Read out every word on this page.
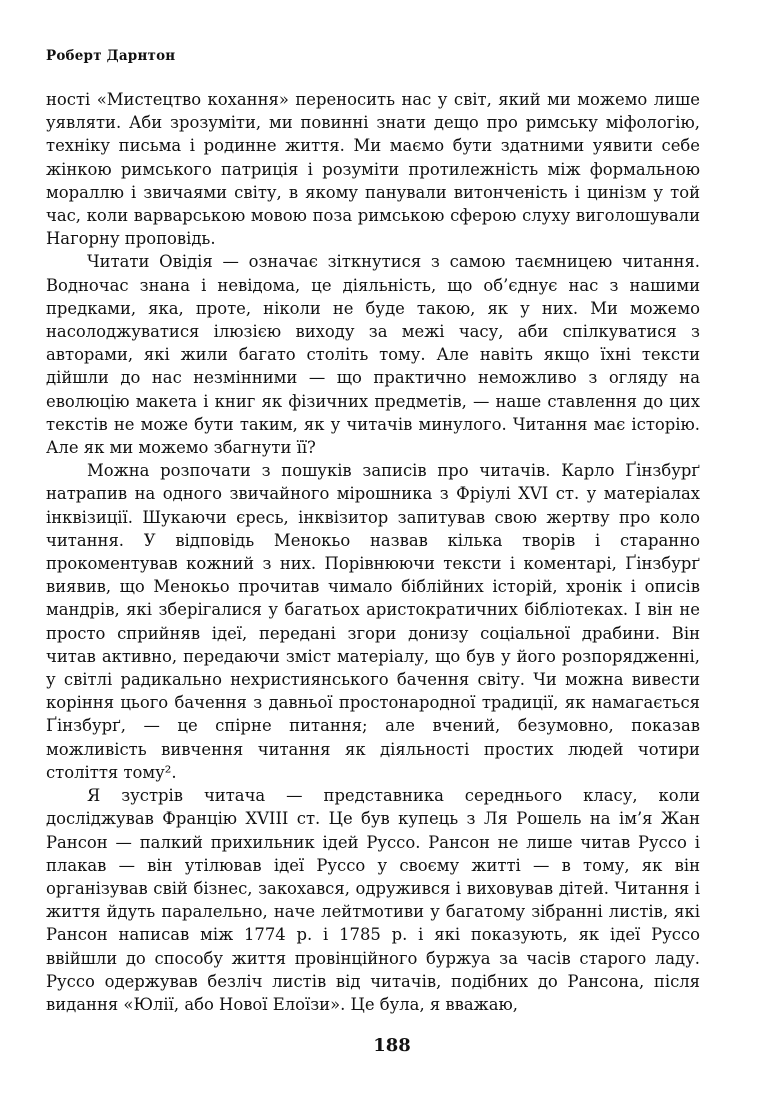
Роберт Дарнтон

ності «Мистецтво кохання» переносить нас у світ, який ми можемо лише уявляти. Аби зрозуміти, ми повинні знати дещо про римську міфологію, техніку письма і родинне життя. Ми маємо бути здатними уявити себе жінкою римського патриція і розуміти протилежність між формальною мораллю і звичаями світу, в якому панували витонченість і цинізм у той час, коли варварською мовою поза римською сферою слуху виголошували Нагорну проповідь.

Читати Овідія — означає зіткнутися з самою таємницею читання. Водночас знана і невідома, це діяльність, що об’єднує нас з нашими предками, яка, проте, ніколи не буде такою, як у них. Ми можемо насолоджуватися ілюзією виходу за межі часу, аби спілкуватися з авторами, які жили багато століть тому. Але навіть якщо їхні тексти дійшли до нас незмінними — що практично неможливо з огляду на еволюцію макета і книг як фізичних предметів, — наше ставлення до цих текстів не може бути таким, як у читачів минулого. Читання має історію. Але як ми можемо збагнути її?

Можна розпочати з пошуків записів про читачів. Карло Ґінзбурґ натрапив на одного звичайного мірошника з Фріулі XVI ст. у матеріалах інквізиції. Шукаючи єресь, інквізитор запитував свою жертву про коло читання. У відповідь Менокьо назвав кілька творів і старанно прокоментував кожний з них. Порівнюючи тексти і коментарі, Ґінзбурґ виявив, що Менокьо прочитав чимало біблійних історій, хронік і описів мандрів, які зберігалися у багатьох аристократичних бібліотеках. І він не просто сприйняв ідеї, передані згори донизу соціальної драбини. Він читав активно, передаючи зміст матеріалу, що був у його розпорядженні, у світлі радикально нехристиянського бачення світу. Чи можна вивести коріння цього бачення з давньої простонародної традиції, як намагається Ґінзбурґ, — це спірне питання; але вчений, безумовно, показав можливість вивчення читання як діяльності простих людей чотири століття тому².

Я зустрів читача — представника середнього класу, коли досліджував Францію XVIII ст. Це був купець з Ля Рошель на ім’я Жан Рансон — палкий прихильник ідей Руссо. Рансон не лише читав Руссо і плакав — він утілював ідеї Руссо у своєму житті — в тому, як він організував свій бізнес, закохався, одружився і виховував дітей. Читання і життя йдуть паралельно, наче лейтмотиви у багатому зібранні листів, які Рансон написав між 1774 р. і 1785 р. і які показують, як ідеї Руссо ввійшли до способу життя провінційного буржуа за часів старого ладу. Руссо одержував безліч листів від читачів, подібних до Рансона, після видання «Юлії, або Нової Елоїзи». Це була, я вважаю,

188
